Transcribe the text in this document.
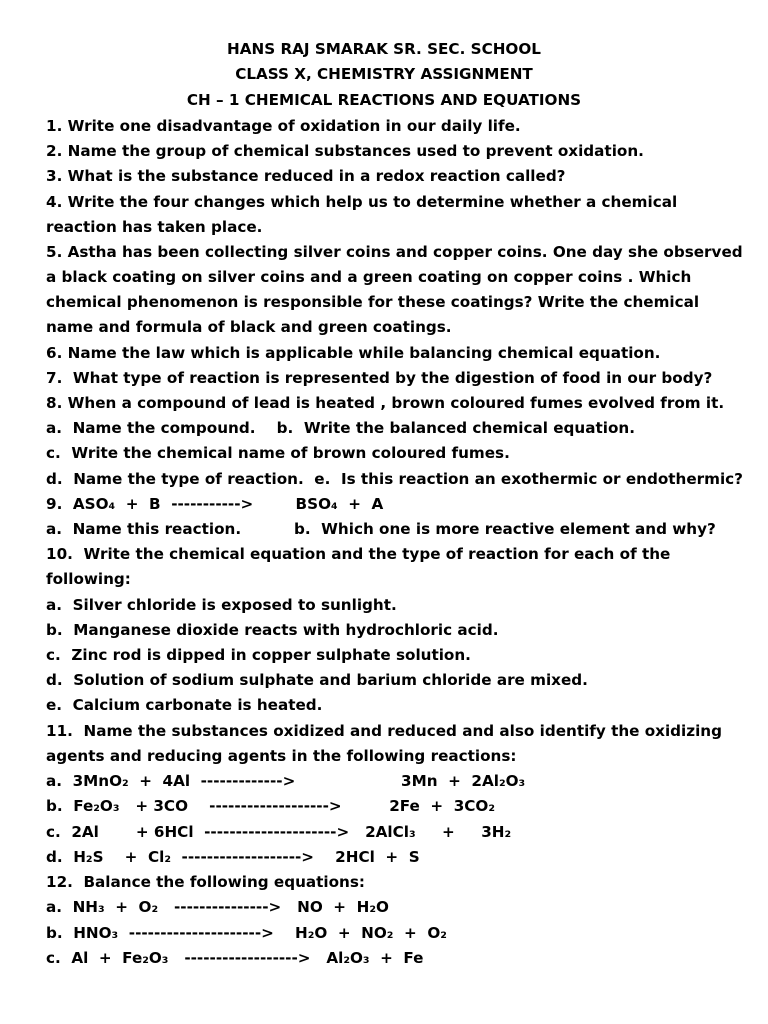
HANS RAJ SMARAK SR. SEC. SCHOOL
CLASS X, CHEMISTRY ASSIGNMENT
CH – 1 CHEMICAL REACTIONS AND EQUATIONS
1. Write one disadvantage of oxidation in our daily life.
2. Name the group of chemical substances used to prevent oxidation.
3. What is the substance reduced in a redox reaction called?
4. Write the four changes which help us to determine whether a chemical
reaction has taken place.
5. Astha has been collecting silver coins and copper coins. One day she observed
a black coating on silver coins and a green coating on copper coins . Which
chemical phenomenon is responsible for these coatings? Write the chemical
name and formula of black and green coatings.
6. Name the law which is applicable while balancing chemical equation.
7.  What type of reaction is represented by the digestion of food in our body?
8. When a compound of lead is heated , brown coloured fumes evolved from it.
a.  Name the compound.    b.  Write the balanced chemical equation.
c.  Write the chemical name of brown coloured fumes.
d.  Name the type of reaction.  e.  Is this reaction an exothermic or endothermic?
9.  ASO₄  +  B  ----------->        BSO₄  +  A
a.  Name this reaction.          b.  Which one is more reactive element and why?
10.  Write the chemical equation and the type of reaction for each of the
following:
a.  Silver chloride is exposed to sunlight.
b.  Manganese dioxide reacts with hydrochloric acid.
c.  Zinc rod is dipped in copper sulphate solution.
d.  Solution of sodium sulphate and barium chloride are mixed.
e.  Calcium carbonate is heated.
11.  Name the substances oxidized and reduced and also identify the oxidizing
agents and reducing agents in the following reactions:
a.  3MnO₂  +  4Al  ------------->                    3Mn  +  2Al₂O₃
b.  Fe₂O₃   + 3CO    ------------------->         2Fe  +  3CO₂
c.  2Al       + 6HCl  --------------------->   2AlCl₃     +     3H₂
d.  H₂S    +  Cl₂  ------------------->    2HCl  +  S
12.  Balance the following equations:
a.  NH₃  +  O₂   --------------->   NO  +  H₂O
b.  HNO₃  --------------------->    H₂O  +  NO₂  +  O₂
c.  Al  +  Fe₂O₃   ------------------>   Al₂O₃  +  Fe
